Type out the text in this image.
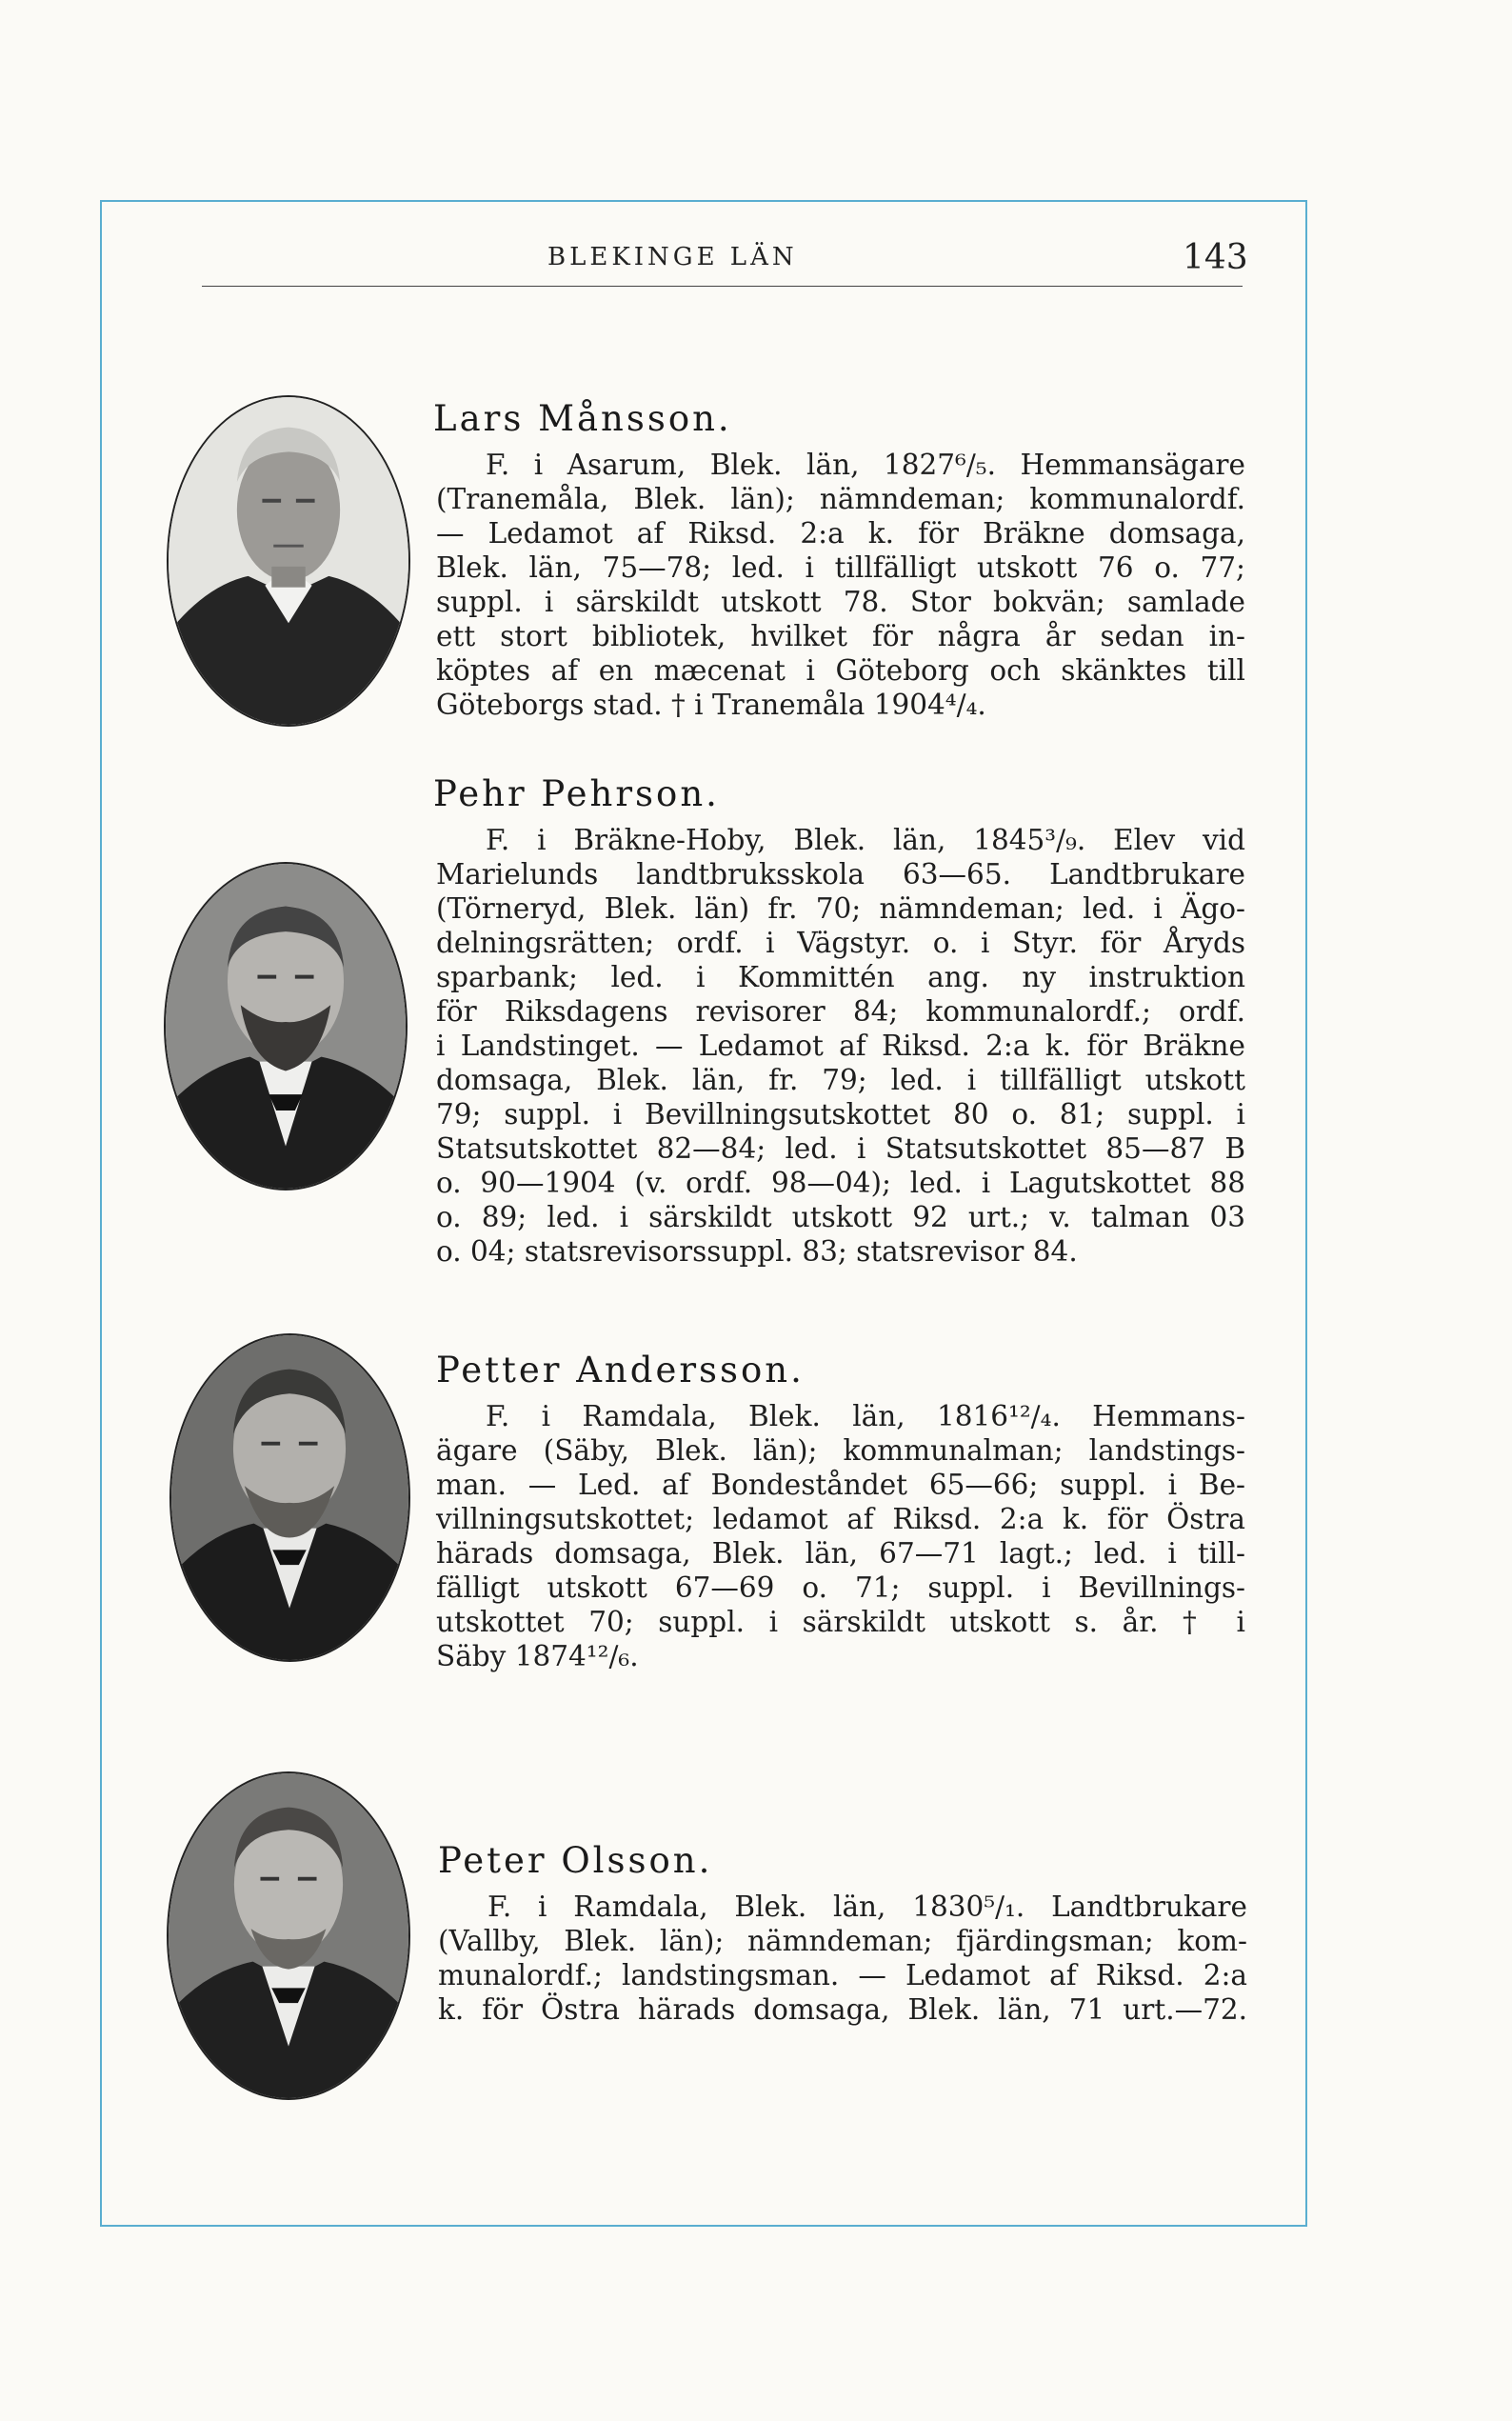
BLEKINGE LÄN	143
Lars Månsson.
F. i Asarum, Blek. län, 1827⁶/₅. Hemmansägare
(Tranemåla, Blek. län); nämndeman; kommunalordf.
— Ledamot af Riksd. 2:a k. för Bräkne domsaga,
Blek. län, 75—78; led. i tillfälligt utskott 76 o. 77;
suppl. i särskildt utskott 78. Stor bokvän; samlade
ett stort bibliotek, hvilket för några år sedan in-
köptes af en mæcenat i Göteborg och skänktes till
Göteborgs stad. † i Tranemåla 1904⁴/₄.
Pehr Pehrson.
F. i Bräkne-Hoby, Blek. län, 1845³/₉. Elev vid
Marielunds landtbruksskola 63—65. Landtbrukare
(Törneryd, Blek. län) fr. 70; nämndeman; led. i Ägo-
delningsrätten; ordf. i Vägstyr. o. i Styr. för Åryds
sparbank; led. i Kommittén ang. ny instruktion
för Riksdagens revisorer 84; kommunalordf.; ordf.
i Landstinget. — Ledamot af Riksd. 2:a k. för Bräkne
domsaga, Blek. län, fr. 79; led. i tillfälligt utskott
79; suppl. i Bevillningsutskottet 80 o. 81; suppl. i
Statsutskottet 82—84; led. i Statsutskottet 85—87 B
o. 90—1904 (v. ordf. 98—04); led. i Lagutskottet 88
o. 89; led. i särskildt utskott 92 urt.; v. talman 03
o. 04; statsrevisorssuppl. 83; statsrevisor 84.
Petter Andersson.
F. i Ramdala, Blek. län, 1816¹²/₄. Hemmans-
ägare (Säby, Blek. län); kommunalman; landstings-
man. — Led. af Bondeståndet 65—66; suppl. i Be-
villningsutskottet; ledamot af Riksd. 2:a k. för Östra
härads domsaga, Blek. län, 67—71 lagt.; led. i till-
fälligt utskott 67—69 o. 71; suppl. i Bevillnings-
utskottet 70; suppl. i särskildt utskott s. år. † i
Säby 1874¹²/₆.
Peter Olsson.
F. i Ramdala, Blek. län, 1830⁵/₁. Landtbrukare
(Vallby, Blek. län); nämndeman; fjärdingsman; kom-
munalordf.; landstingsman. — Ledamot af Riksd. 2:a
k. för Östra härads domsaga, Blek. län, 71 urt.—72.
